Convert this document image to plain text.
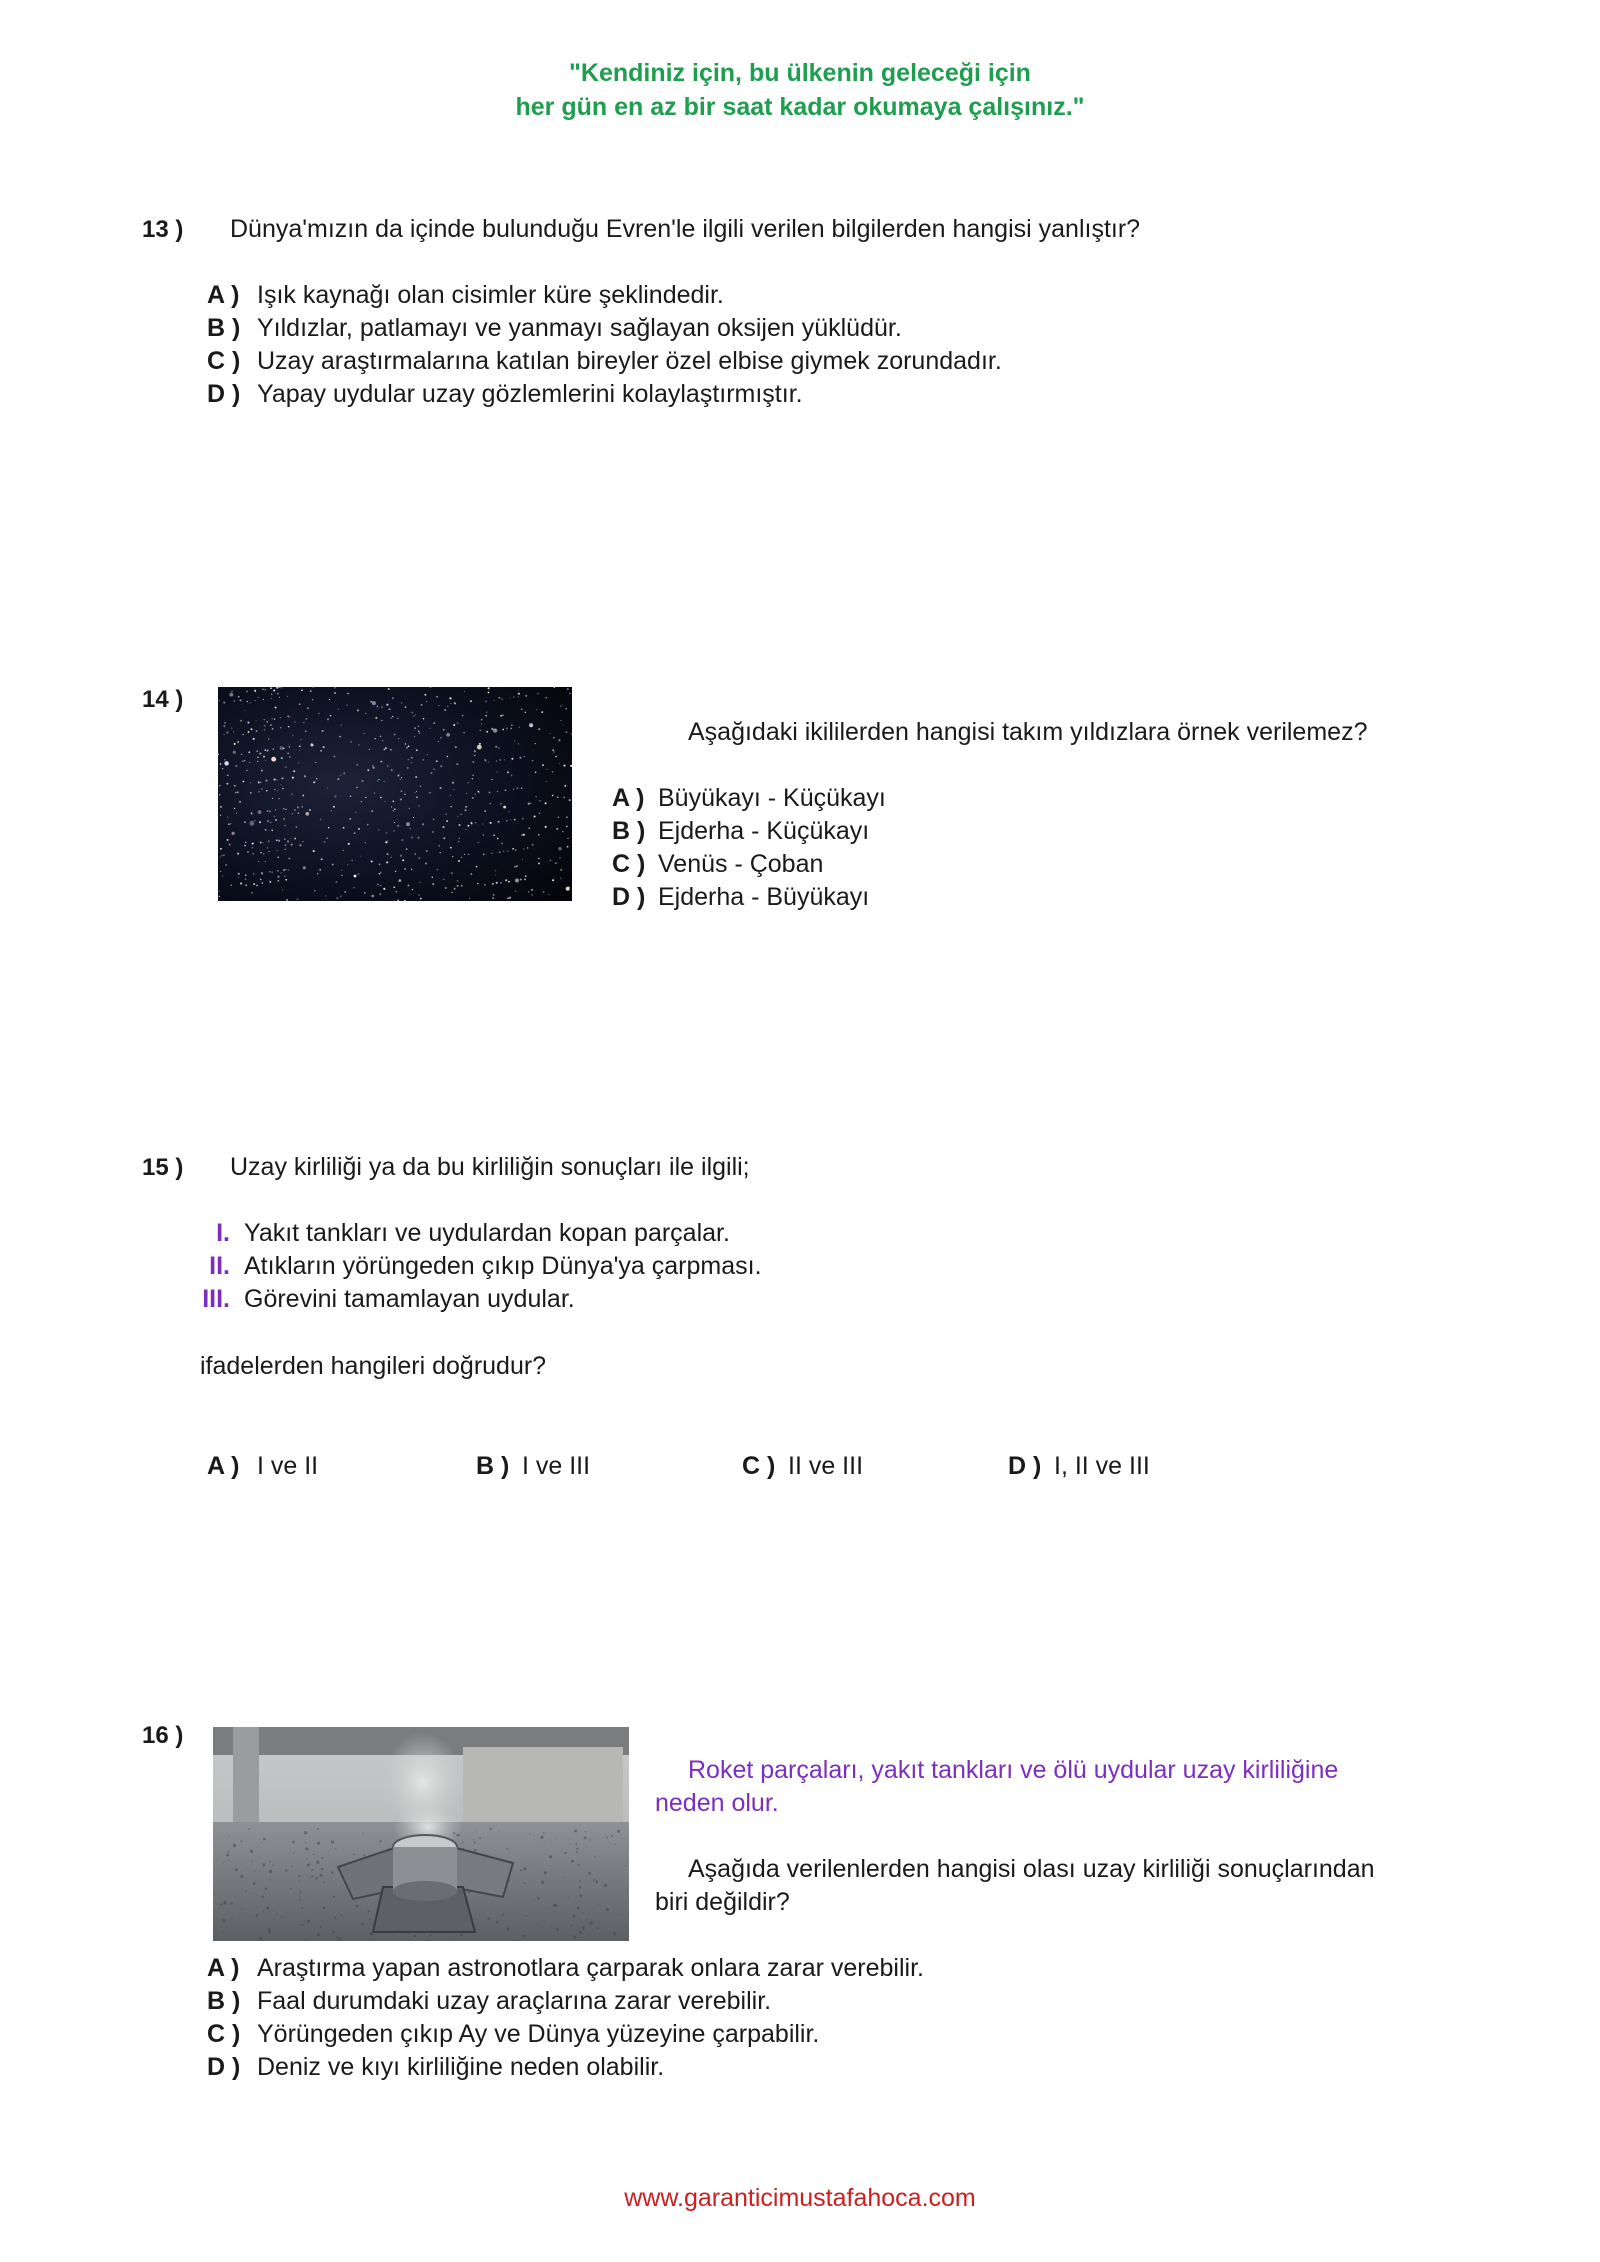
"Kendiniz için, bu ülkenin geleceği için
her gün en az bir saat kadar okumaya çalışınız."
13 ) Dünya'mızın da içinde bulunduğu Evren'le ilgili verilen bilgilerden hangisi yanlıştır?
A ) Işık kaynağı olan cisimler küre şeklindedir.
B ) Yıldızlar, patlamayı ve yanmayı sağlayan oksijen yüklüdür.
C ) Uzay araştırmalarına katılan bireyler özel elbise giymek zorundadır.
D ) Yapay uydular uzay gözlemlerini kolaylaştırmıştır.
14 )
Aşağıdaki ikililerden hangisi takım yıldızlara örnek verilemez?
A ) Büyükayı - Küçükayı
B ) Ejderha - Küçükayı
C ) Venüs - Çoban
D ) Ejderha - Büyükayı
15 ) Uzay kirliliği ya da bu kirliliğin sonuçları ile ilgili;
I. Yakıt tankları ve uydulardan kopan parçalar.
II. Atıkların yörüngeden çıkıp Dünya'ya çarpması.
III. Görevini tamamlayan uydular.
ifadelerden hangileri doğrudur?
A ) I ve II	B ) I ve III	C ) II ve III	D ) I, II ve III
16 )
Roket parçaları, yakıt tankları ve ölü uydular uzay kirliliğine
neden olur.
Aşağıda verilenlerden hangisi olası uzay kirliliği sonuçlarından
biri değildir?
A ) Araştırma yapan astronotlara çarparak onlara zarar verebilir.
B ) Faal durumdaki uzay araçlarına zarar verebilir.
C ) Yörüngeden çıkıp Ay ve Dünya yüzeyine çarpabilir.
D ) Deniz ve kıyı kirliliğine neden olabilir.
www.garanticimustafahoca.com
